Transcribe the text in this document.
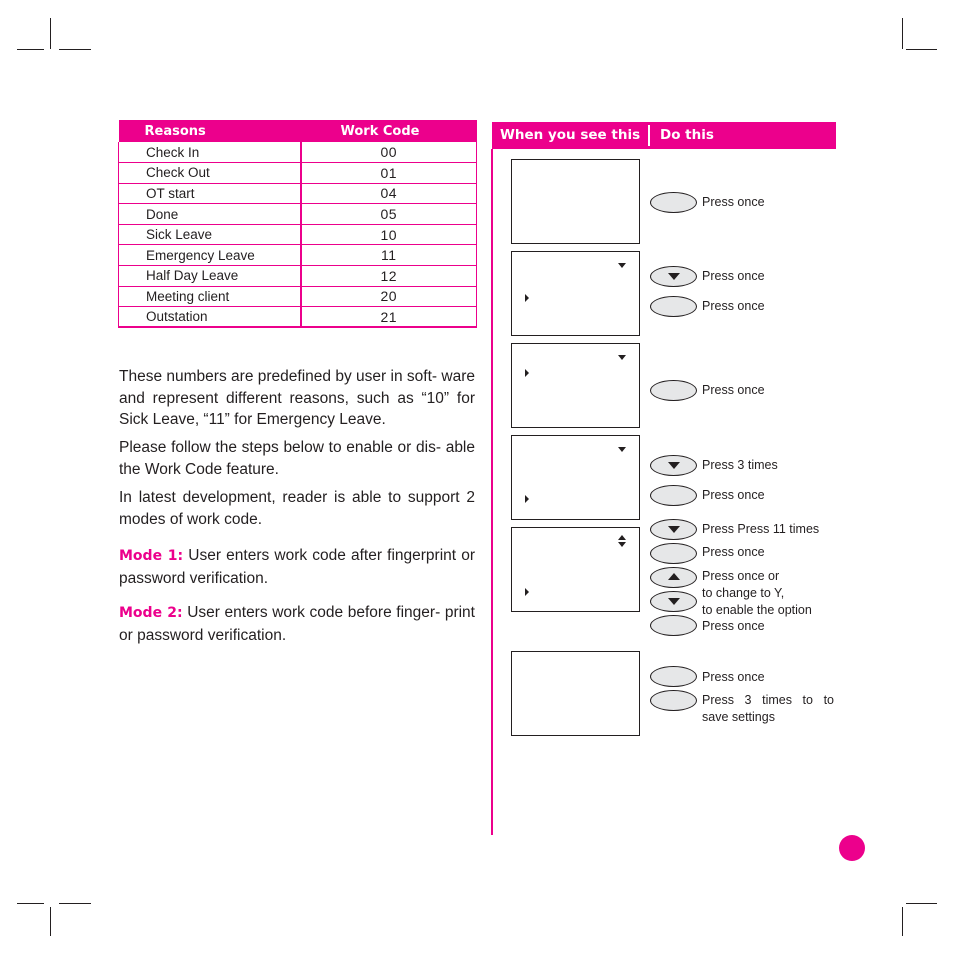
Reasons	Work Code
Check In	00
Check Out	01
OT start	04
Done	05
Sick Leave	10
Emergency Leave	11
Half Day Leave	12
Meeting client	20
Outstation	21

These numbers are predefined by user in soft- ware and represent different reasons, such as “10” for Sick Leave, “11” for Emergency Leave.

Please follow the steps below to enable or dis- able the Work Code feature.

In latest development, reader is able to support 2 modes of work code.

Mode 1: User enters work code after fingerprint or password verification.

Mode 2: User enters work code before finger- print or password verification.

When you see this Do this
Press once
Press once
Press once
Press once
Press 3 times
Press once
Press Press 11 times
Press once
Press once or
to change to Y,
to enable the option
Press once
Press once
Press 3 times to to save settings
